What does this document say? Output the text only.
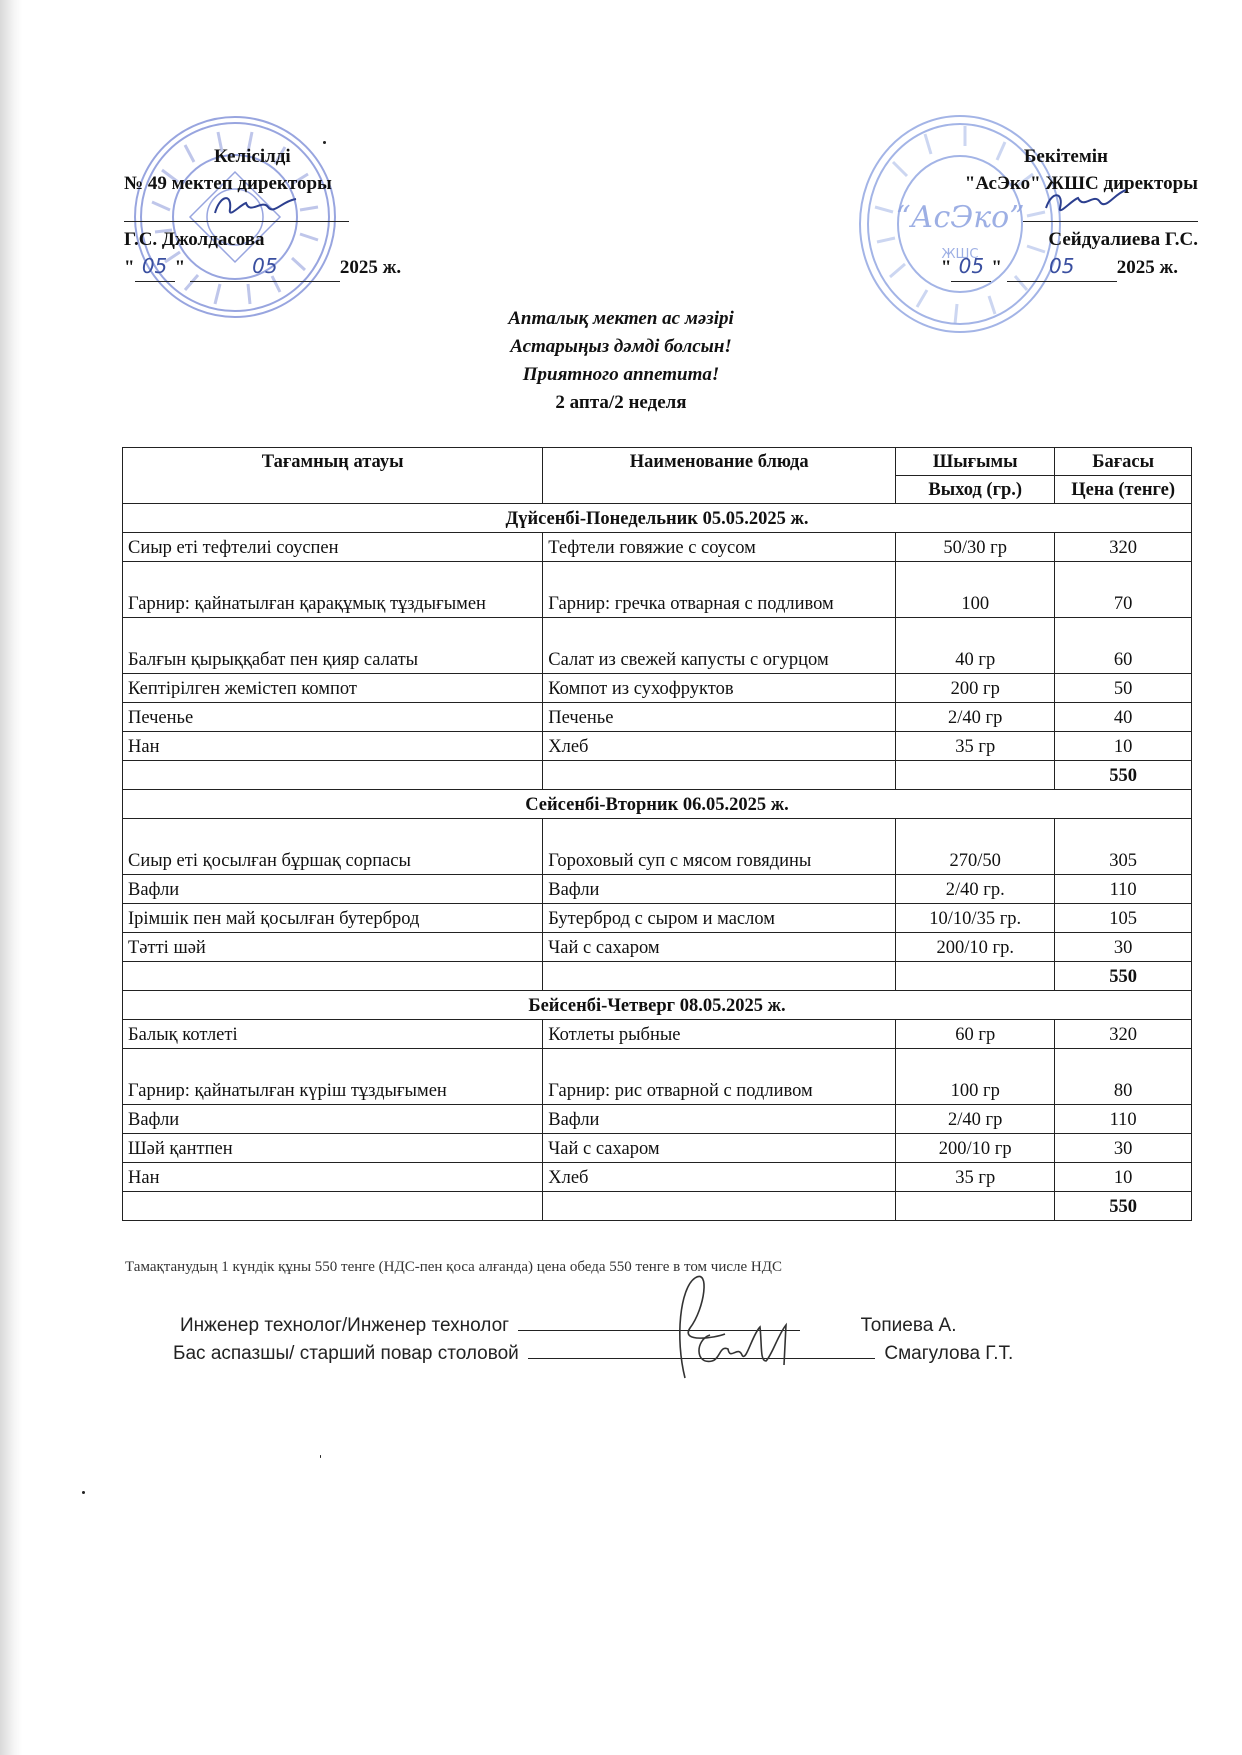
“АсЭко”
ЖШС
Келісілді
№ 49 мектеп директоры
Г.С. Джолдасова
" 05 "	05	2025 ж.
Бекітемін
"АсЭко" ЖШС директоры
Сейдуалиева Г.С.
" 05 " 05 2025 ж.
Апталық мектеп ас мәзірі
Астарыңыз дәмді болсын!
Приятного аппетита!
2 апта/2 неделя
Тағамның атауы	Наименование блюда	Шығымы	Бағасы
		Выход (гр.)	Цена (тенге)
Дүйсенбі-Понедельник 05.05.2025 ж.			
Сиыр еті тефтелиі соуспен	Тефтели говяжие с соусом	50/30 гр	320
Гарнир: қайнатылған қарақұмық тұздығымен	Гарнир: гречка отварная с подливом	100	70
Балғын қырыққабат пен қияр салаты	Салат из свежей капусты с огурцом	40 гр	60
Кептірілген жемістеп компот	Компот из сухофруктов	200 гр	50
Печенье	Печенье	2/40 гр	40
Нан	Хлеб	35 гр	10
			550
Сейсенбі-Вторник 06.05.2025 ж.			
Сиыр еті қосылған бұршақ сорпасы	Гороховый суп с мясом говядины	270/50	305
Вафли	Вафли	2/40 гр.	110
Ірімшік пен май қосылған бутерброд	Бутерброд с сыром и маслом	10/10/35 гр.	105
Тәтті шәй	Чай с сахаром	200/10 гр.	30
			550
Бейсенбі-Четверг 08.05.2025 ж.			
Балық котлеті	Котлеты рыбные	60 гр	320
Гарнир: қайнатылған күріш тұздығымен	Гарнир: рис отварной с подливом	100 гр	80
Вафли	Вафли	2/40 гр	110
Шәй қантпен	Чай с сахаром	200/10 гр	30
Нан	Хлеб	35 гр	10
			550
Тамақтанудың 1 күндік құны 550 тенге (НДС-пен қоса алғанда) цена обеда 550 тенге в том числе НДС
Инженер технолог/Инженер технолог	Топиева А.
Бас аспазшы/ старший повар столовой	Смагулова Г.Т.
